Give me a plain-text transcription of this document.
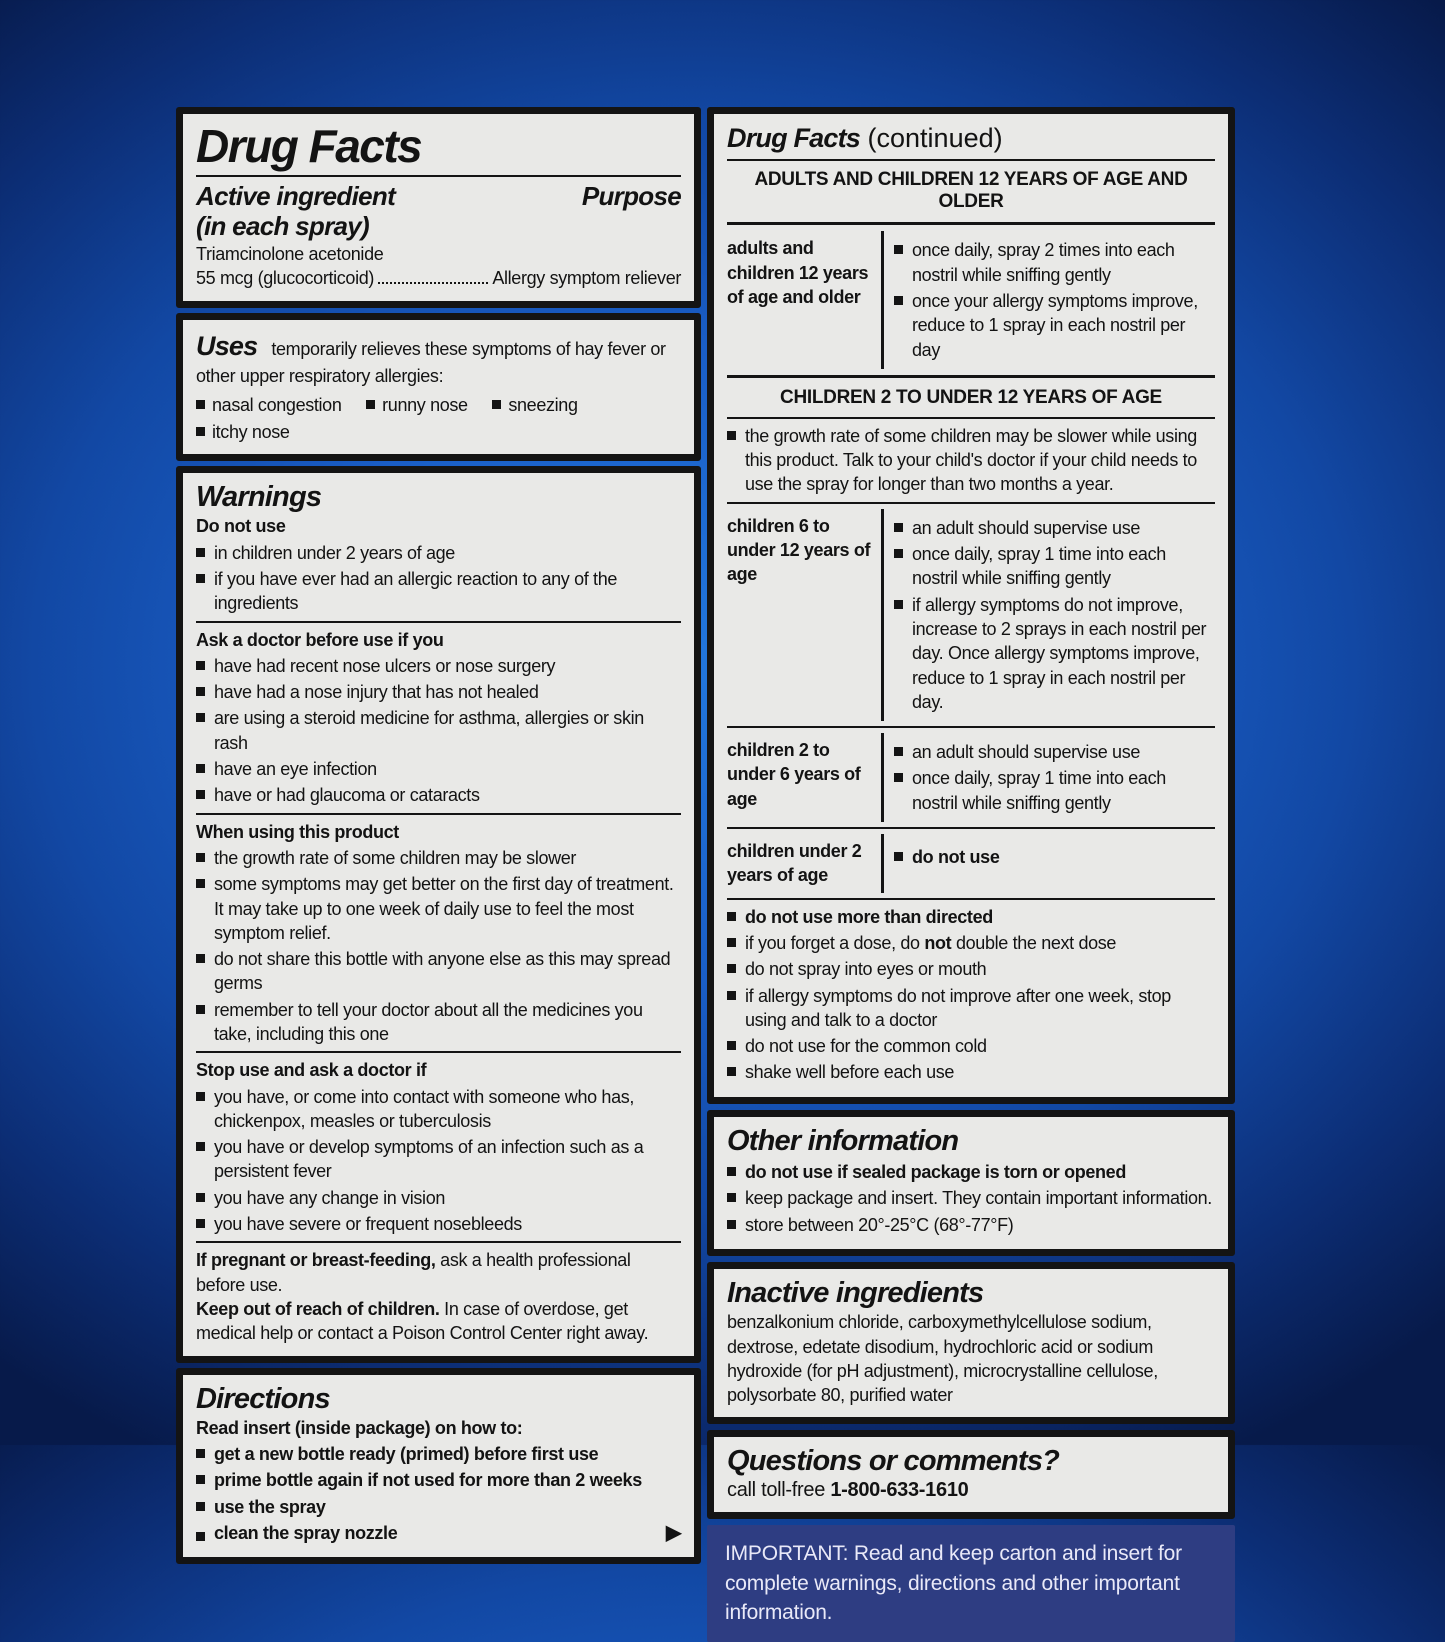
Drug Facts
Active ingredient	Purpose
(in each spray)

Triamcinolone acetonide

55 mcg (glucocorticoid)	Allergy symptom reliever

Uses temporarily relieves these symptoms of hay fever or other upper respiratory allergies:

nasal congestion
runny nose
sneezing

itchy nose
Warnings

Do not use

in children under 2 years of age
if you have ever had an allergic reaction to any of the ingredients

Ask a doctor before use if you

have had recent nose ulcers or nose surgery
have had a nose injury that has not healed
are using a steroid medicine for asthma, allergies or skin rash
have an eye infection
have or had glaucoma or cataracts

When using this product

the growth rate of some children may be slower
some symptoms may get better on the first day of treatment. It may take up to one week of daily use to feel the most symptom relief.
do not share this bottle with anyone else as this may spread germs
remember to tell your doctor about all the medicines you take, including this one

Stop use and ask a doctor if

you have, or come into contact with someone who has, chickenpox, measles or tuberculosis
you have or develop symptoms of an infection such as a persistent fever
you have any change in vision
you have severe or frequent nosebleeds

If pregnant or breast-feeding, ask a health professional before use.

Keep out of reach of children. In case of overdose, get medical help or contact a Poison Control Center right away.

Directions

Read insert (inside package) on how to:

get a new bottle ready (primed) before first use
prime bottle again if not used for more than 2 weeks
use the spray
clean the spray nozzle	▶
Drug Facts (continued)
ADULTS AND CHILDREN 12 YEARS OF AGE AND OLDER
adults and children 12 years of age and older
once daily, spray 2 times into each nostril while sniffing gently
once your allergy symptoms improve, reduce to 1 spray in each nostril per day
CHILDREN 2 TO UNDER 12 YEARS OF AGE
the growth rate of some children may be slower while using this product. Talk to your child's doctor if your child needs to use the spray for longer than two months a year.
children 6 to under 12 years of age
an adult should supervise use
once daily, spray 1 time into each nostril while sniffing gently
if allergy symptoms do not improve, increase to 2 sprays in each nostril per day. Once allergy symptoms improve, reduce to 1 spray in each nostril per day.
children 2 to under 6 years of age
an adult should supervise use
once daily, spray 1 time into each nostril while sniffing gently
children under 2 years of age
do not use
do not use more than directed
if you forget a dose, do not double the next dose
do not spray into eyes or mouth
if allergy symptoms do not improve after one week, stop using and talk to a doctor
do not use for the common cold
shake well before each use
Other information
do not use if sealed package is torn or opened
keep package and insert. They contain important information.
store between 20°-25°C (68°-77°F)
Inactive ingredients

benzalkonium chloride, carboxymethylcellulose sodium, dextrose, edetate disodium, hydrochloric acid or sodium hydroxide (for pH adjustment), microcrystalline cellulose, polysorbate 80, purified water

Questions or comments?

call toll-free 1-800-633-1610

IMPORTANT: Read and keep carton and insert for complete warnings, directions and other important information.
